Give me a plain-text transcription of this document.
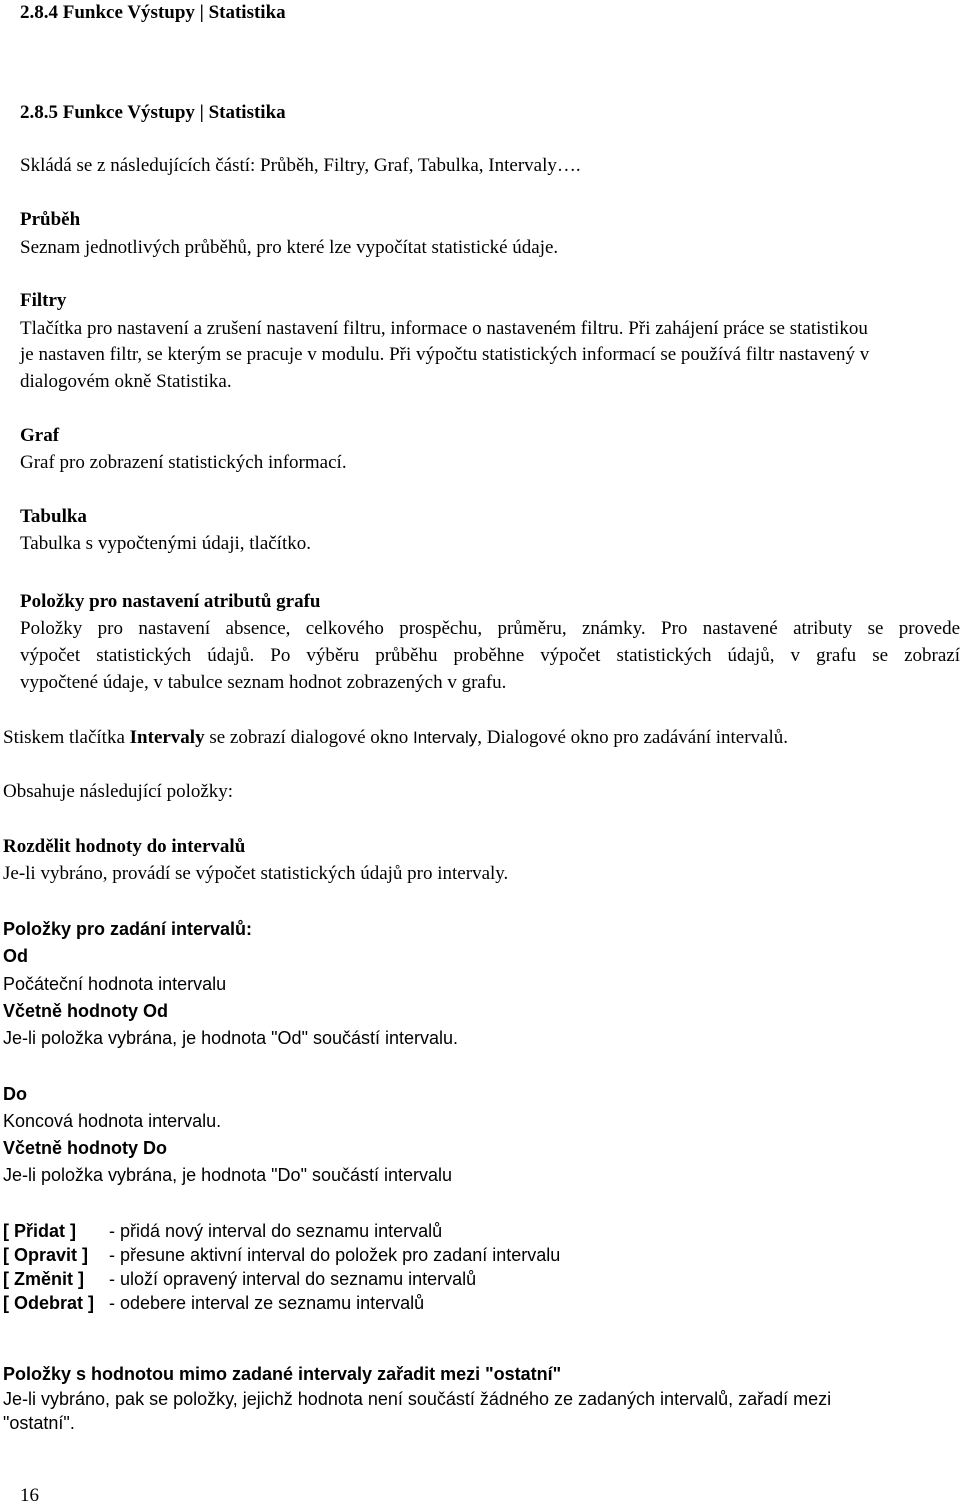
2.8.4 Funkce Výstupy | Statistika
2.8.5 Funkce Výstupy | Statistika
Skládá se z následujících částí: Průběh, Filtry, Graf, Tabulka, Intervaly….
Průběh
Seznam jednotlivých průběhů, pro které lze vypočítat statistické údaje.
Filtry
Tlačítka pro nastavení a zrušení nastavení filtru, informace o nastaveném filtru. Při zahájení práce se statistikou
je nastaven filtr, se kterým se pracuje v modulu. Při výpočtu statistických informací se používá filtr nastavený v
dialogovém okně Statistika.
Graf
Graf pro zobrazení statistických informací.
Tabulka
Tabulka s vypočtenými údaji, tlačítko.
Položky pro nastavení atributů grafu
Položky pro nastavení absence, celkového prospěchu, průměru, známky. Pro nastavené atributy se provede
výpočet statistických údajů. Po výběru průběhu proběhne výpočet statistických údajů, v grafu se zobrazí
vypočtené údaje, v tabulce seznam hodnot zobrazených v grafu.
Stiskem tlačítka Intervaly se zobrazí dialogové okno Intervaly, Dialogové okno pro zadávání intervalů.
Obsahuje následující položky:
Rozdělit hodnoty do intervalů
Je-li vybráno, provádí se výpočet statistických údajů pro intervaly.
Položky pro zadání intervalů:
Od
Počáteční hodnota intervalu
Včetně hodnoty Od
Je-li položka vybrána, je hodnota "Od" součástí intervalu.
Do
Koncová hodnota intervalu.
Včetně hodnoty Do
Je-li položka vybrána, je hodnota "Do" součástí intervalu
[ Přidat ] - přidá nový interval do seznamu intervalů
[ Opravit ] - přesune aktivní interval do položek pro zadaní intervalu
[ Změnit ] - uloží opravený interval do seznamu intervalů
[ Odebrat ] - odebere interval ze seznamu intervalů
Položky s hodnotou mimo zadané intervaly zařadit mezi "ostatní"
Je-li vybráno, pak se položky, jejichž hodnota není součástí žádného ze zadaných intervalů, zařadí mezi
"ostatní".
16
